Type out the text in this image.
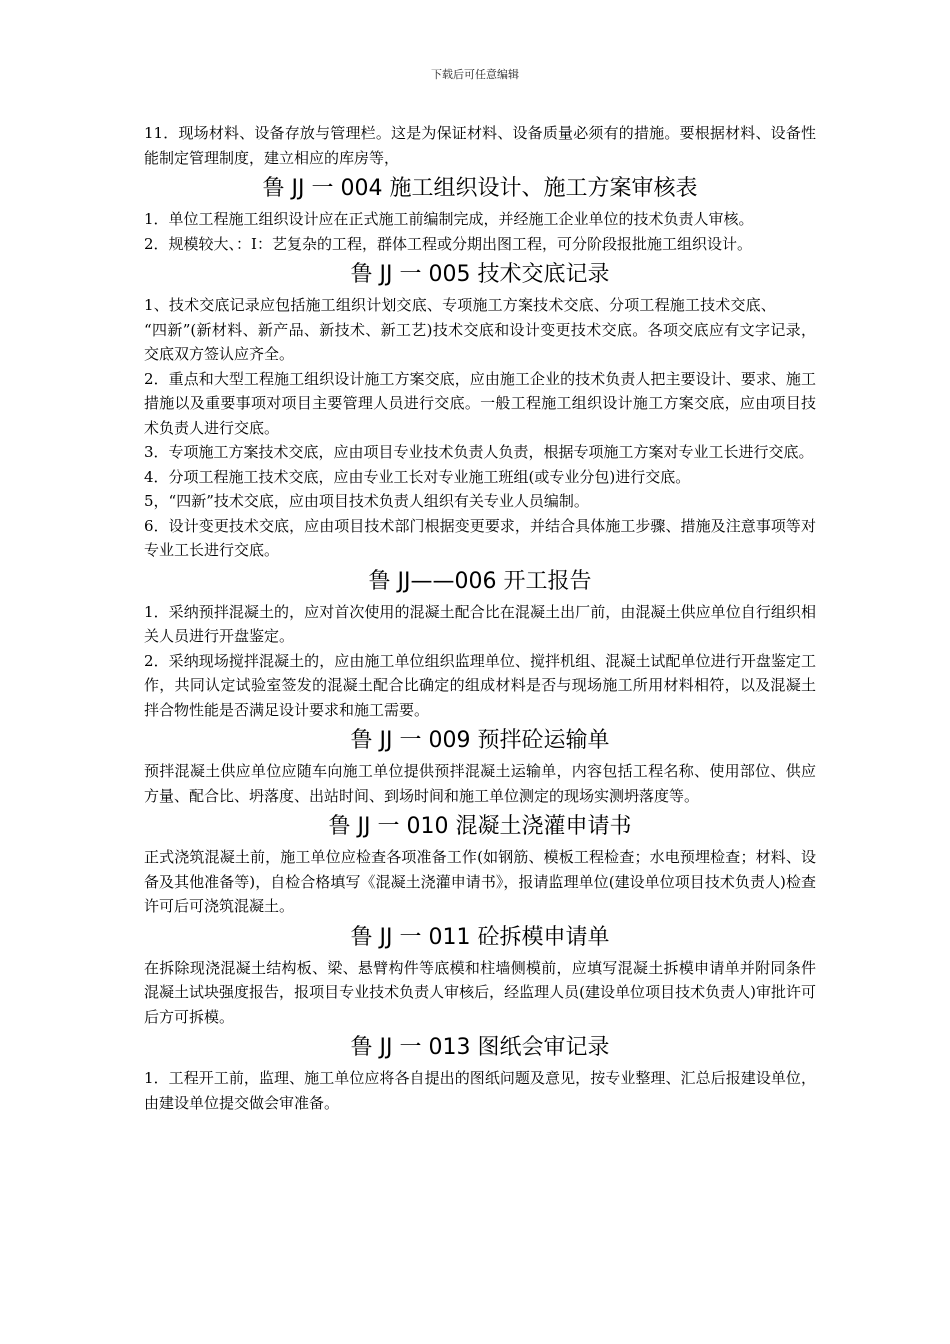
下载后可任意编辑

11．现场材料、设备存放与管理栏。这是为保证材料、设备质量必须有的措施。要根据材料、设备性能制定管理制度，建立相应的库房等，

鲁 JJ 一 004 施工组织设计、施工方案审核表

1．单位工程施工组织设计应在正式施工前编制完成，并经施工企业单位的技术负责人审核。

2．规模较大、：I：艺复杂的工程，群体工程或分期出图工程，可分阶段报批施工组织设计。

鲁 JJ 一 005 技术交底记录

1、技术交底记录应包括施工组织计划交底、专项施工方案技术交底、分项工程施工技术交底、“四新”(新材料、新产品、新技术、新工艺)技术交底和设计变更技术交底。各项交底应有文字记录，交底双方签认应齐全。

2．重点和大型工程施工组织设计施工方案交底，应由施工企业的技术负责人把主要设计、要求、施工措施以及重要事项对项目主要管理人员进行交底。一般工程施工组织设计施工方案交底，应由项目技术负责人进行交底。

3．专项施工方案技术交底，应由项目专业技术负责人负责，根据专项施工方案对专业工长进行交底。

4．分项工程施工技术交底，应由专业工长对专业施工班组(或专业分包)进行交底。

5，“四新”技术交底，应由项目技术负责人组织有关专业人员编制。

6．设计变更技术交底，应由项目技术部门根据变更要求，并结合具体施工步骤、措施及注意事项等对专业工长进行交底。

鲁 JJ——006 开工报告

1．采纳预拌混凝土的，应对首次使用的混凝土配合比在混凝土出厂前，由混凝土供应单位自行组织相关人员进行开盘鉴定。

2．采纳现场搅拌混凝土的，应由施工单位组织监理单位、搅拌机组、混凝土试配单位进行开盘鉴定工作，共同认定试验室签发的混凝土配合比确定的组成材料是否与现场施工所用材料相符，以及混凝土拌合物性能是否满足设计要求和施工需要。

鲁 JJ 一 009 预拌砼运输单

预拌混凝土供应单位应随车向施工单位提供预拌混凝土运输单，内容包括工程名称、使用部位、供应方量、配合比、坍落度、出站时间、到场时间和施工单位测定的现场实测坍落度等。

鲁 JJ 一 010 混凝土浇灌申请书

正式浇筑混凝土前，施工单位应检查各项准备工作(如钢筋、模板工程检查；水电预埋检查；材料、设备及其他准备等)，自检合格填写《混凝土浇灌申请书》，报请监理单位(建设单位项目技术负责人)检查许可后可浇筑混凝土。

鲁 JJ 一 011 砼拆模申请单

在拆除现浇混凝土结构板、梁、悬臂构件等底模和柱墙侧模前，应填写混凝土拆模申请单并附同条件混凝土试块强度报告，报项目专业技术负责人审核后，经监理人员(建设单位项目技术负责人)审批许可后方可拆模。

鲁 JJ 一 013 图纸会审记录

1．工程开工前，监理、施工单位应将各自提出的图纸问题及意见，按专业整理、汇总后报建设单位，由建设单位提交做会审准备。
